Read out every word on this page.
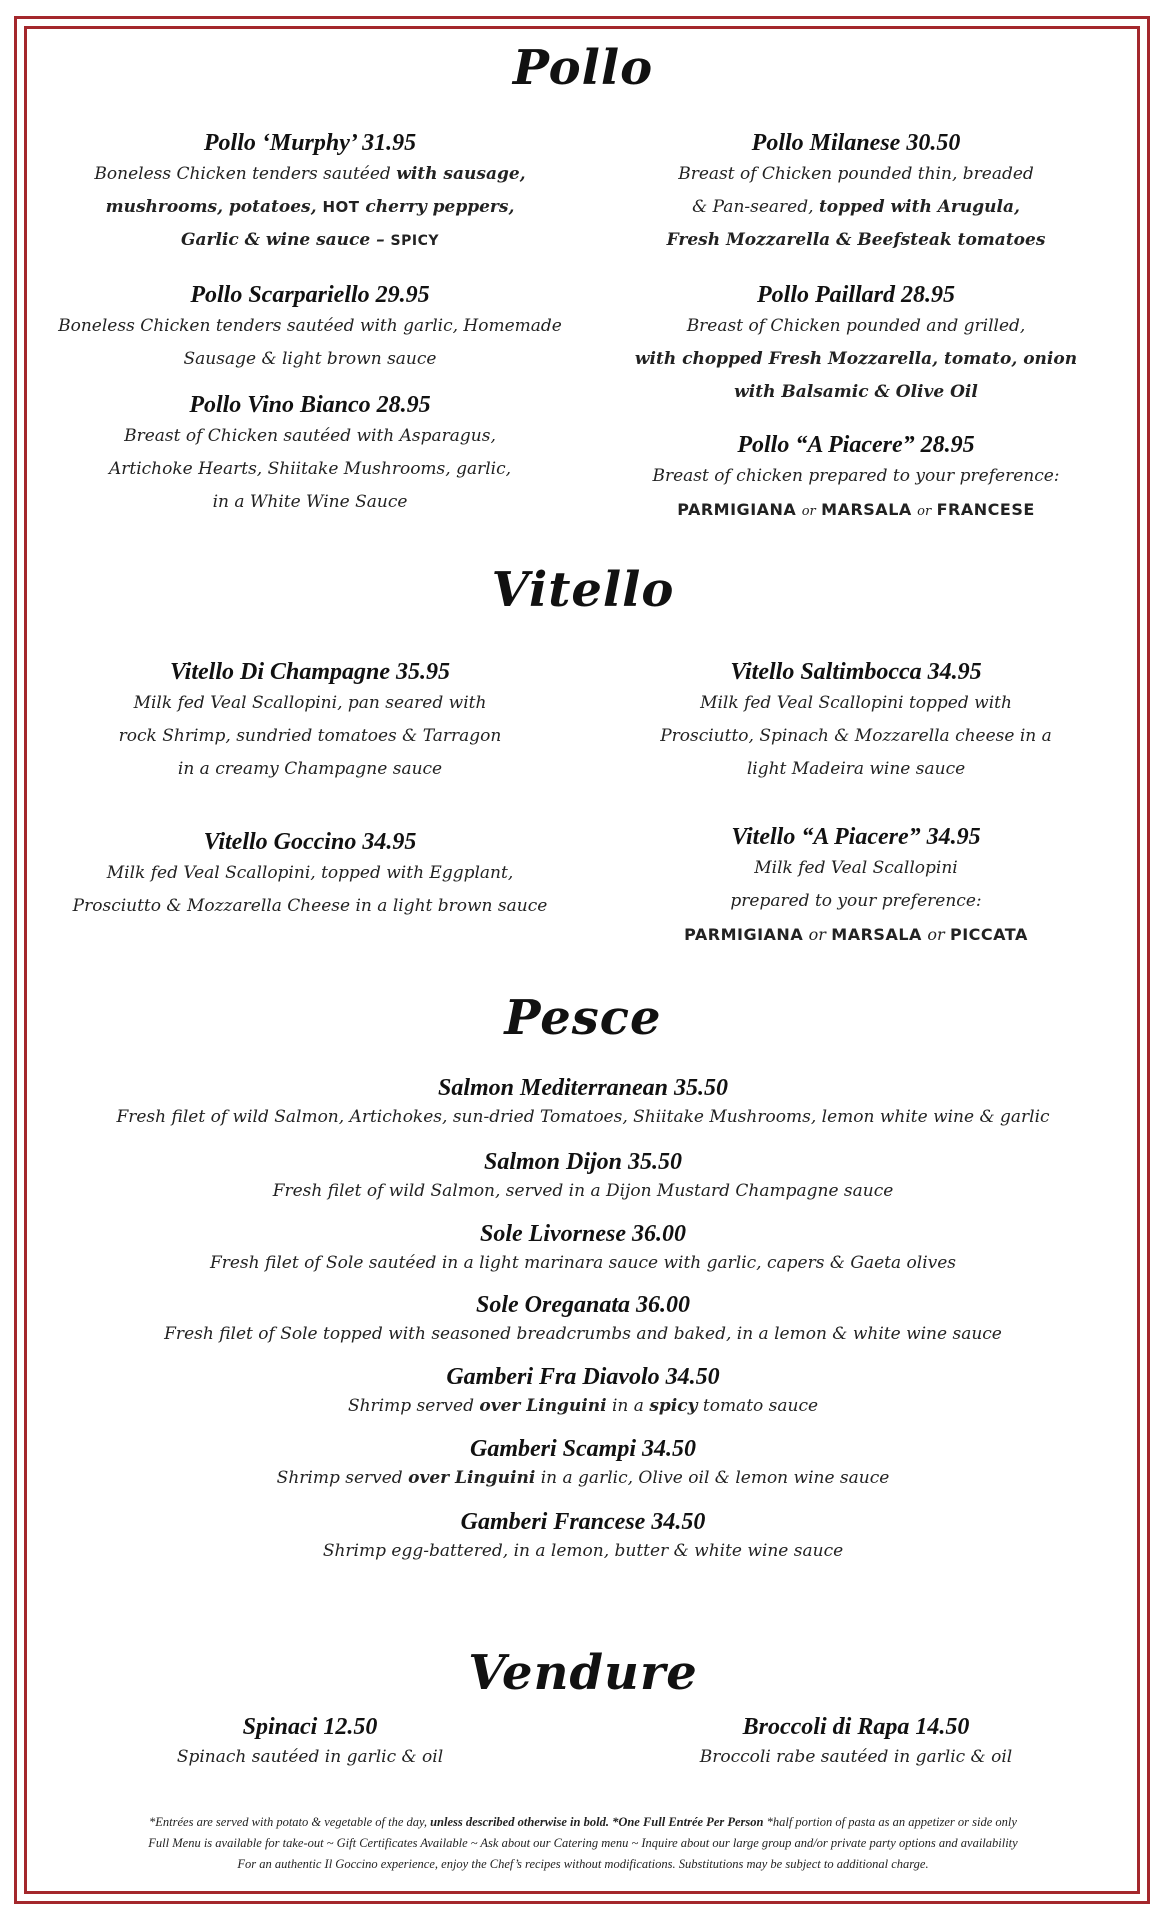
Pollo
Pollo ‘Murphy’ 31.95
Boneless Chicken tenders sautéed with sausage,
mushrooms, potatoes, HOT cherry peppers,
Garlic & wine sauce – SPICY
Pollo Scarpariello 29.95
Boneless Chicken tenders sautéed with garlic, Homemade
Sausage & light brown sauce
Pollo Vino Bianco 28.95
Breast of Chicken sautéed with Asparagus,
Artichoke Hearts, Shiitake Mushrooms, garlic,
in a White Wine Sauce
Pollo Milanese 30.50
Breast of Chicken pounded thin, breaded
& Pan-seared, topped with Arugula,
Fresh Mozzarella & Beefsteak tomatoes
Pollo Paillard 28.95
Breast of Chicken pounded and grilled,
with chopped Fresh Mozzarella, tomato, onion
with Balsamic & Olive Oil
Pollo “A Piacere” 28.95
Breast of chicken prepared to your preference:
PARMIGIANA or MARSALA or FRANCESE
Vitello
Vitello Di Champagne 35.95
Milk fed Veal Scallopini, pan seared with
rock Shrimp, sundried tomatoes & Tarragon
in a creamy Champagne sauce
Vitello Goccino 34.95
Milk fed Veal Scallopini, topped with Eggplant,
Prosciutto & Mozzarella Cheese in a light brown sauce
Vitello Saltimbocca 34.95
Milk fed Veal Scallopini topped with
Prosciutto, Spinach & Mozzarella cheese in a
light Madeira wine sauce
Vitello “A Piacere” 34.95
Milk fed Veal Scallopini
prepared to your preference:
PARMIGIANA or MARSALA or PICCATA
Pesce
Salmon Mediterranean 35.50
Fresh filet of wild Salmon, Artichokes, sun-dried Tomatoes, Shiitake Mushrooms, lemon white wine & garlic
Salmon Dijon 35.50
Fresh filet of wild Salmon, served in a Dijon Mustard Champagne sauce
Sole Livornese 36.00
Fresh filet of Sole sautéed in a light marinara sauce with garlic, capers & Gaeta olives
Sole Oreganata 36.00
Fresh filet of Sole topped with seasoned breadcrumbs and baked, in a lemon & white wine sauce
Gamberi Fra Diavolo 34.50
Shrimp served over Linguini in a spicy tomato sauce
Gamberi Scampi 34.50
Shrimp served over Linguini in a garlic, Olive oil & lemon wine sauce
Gamberi Francese 34.50
Shrimp egg-battered, in a lemon, butter & white wine sauce
Vendure
Spinaci 12.50
Spinach sautéed in garlic & oil
Broccoli di Rapa 14.50
Broccoli rabe sautéed in garlic & oil
*Entrées are served with potato & vegetable of the day, unless described otherwise in bold. *One Full Entrée Per Person *half portion of pasta as an appetizer or side only
Full Menu is available for take-out ~ Gift Certificates Available ~ Ask about our Catering menu ~ Inquire about our large group and/or private party options and availability
For an authentic Il Goccino experience, enjoy the Chef’s recipes without modifications. Substitutions may be subject to additional charge.
